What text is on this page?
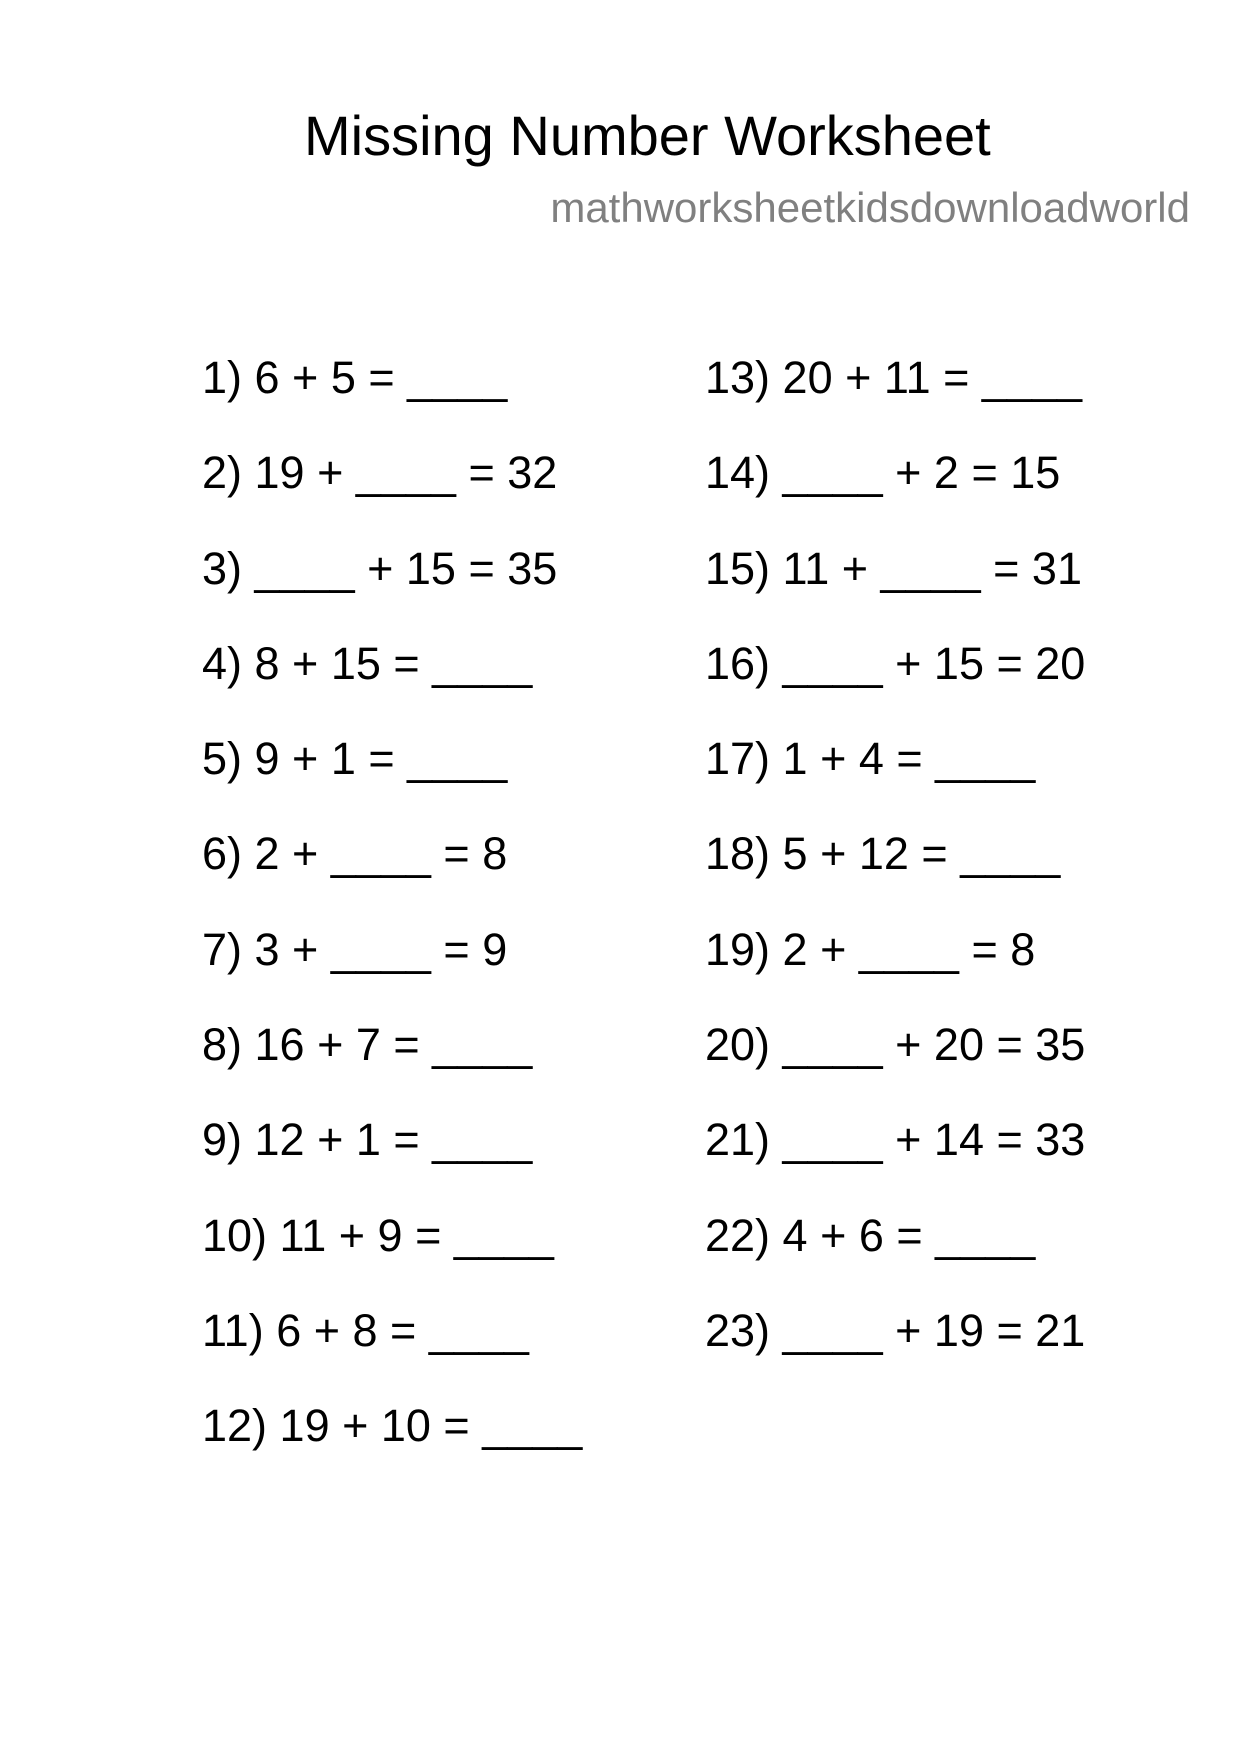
Missing Number Worksheet
mathworksheetkidsdownloadworld
1) 6 + 5 = ____
2) 19 + ____ = 32
3) ____ + 15 = 35
4) 8 + 15 = ____
5) 9 + 1 = ____
6) 2 + ____ = 8
7) 3 + ____ = 9
8) 16 + 7 = ____
9) 12 + 1 = ____
10) 11 + 9 = ____
11) 6 + 8 = ____
12) 19 + 10 = ____
13) 20 + 11 = ____
14) ____ + 2 = 15
15) 11 + ____ = 31
16) ____ + 15 = 20
17) 1 + 4 = ____
18) 5 + 12 = ____
19) 2 + ____ = 8
20) ____ + 20 = 35
21) ____ + 14 = 33
22) 4 + 6 = ____
23) ____ + 19 = 21
